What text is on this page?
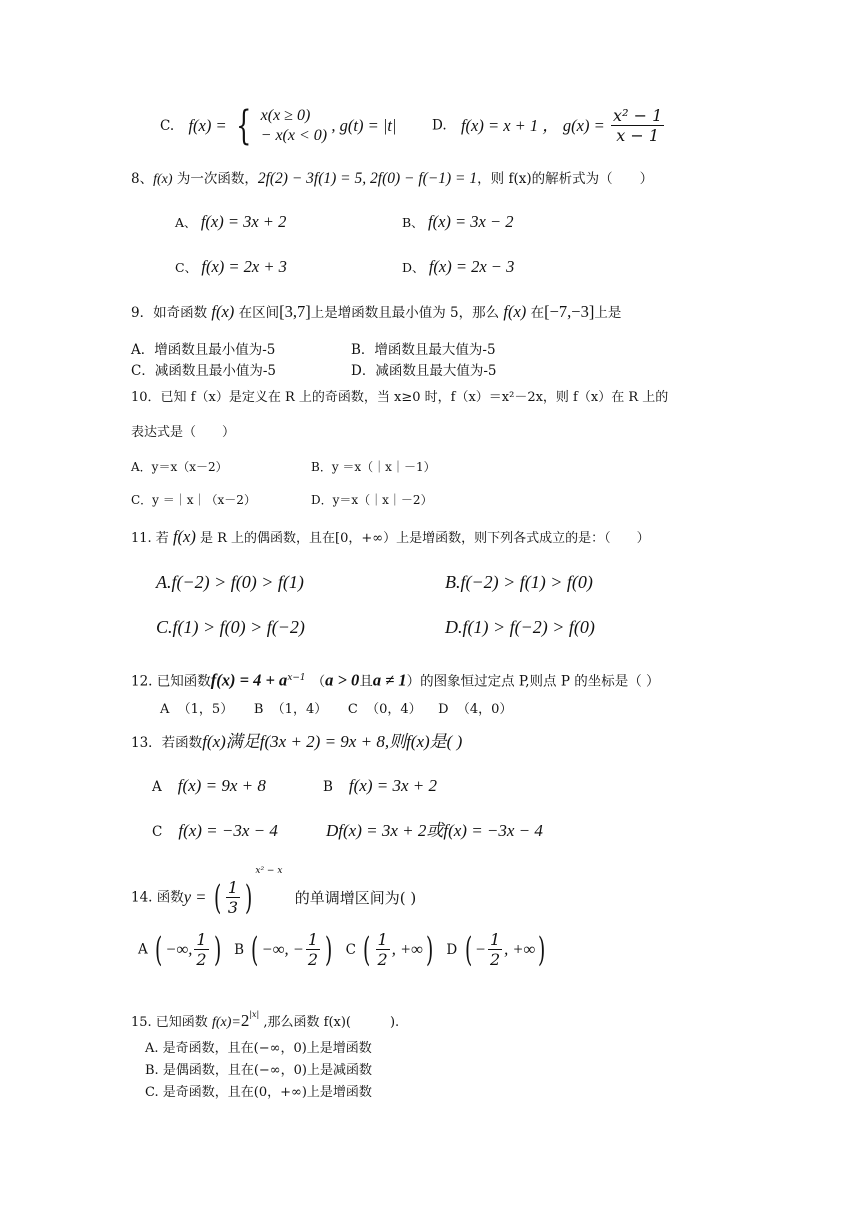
C. f(x) = { x(x ≥ 0)
− x(x < 0)
, g(t) = |t|	D. f(x) = x + 1 ， $g(x) = \frac{\text{x² − 1}}{x - 1}$
8、f(x) 为一次函数，2f(2) − 3f(1) = 5, 2f(0) − f(−1) = 1，则 f(x)的解析式为（　　）
A、 f(x) = 3x + 2	B、 f(x) = 3x − 2
C、 f(x) = 2x + 3	D、 f(x) = 2x − 3
9．如奇函数 f(x) 在区间[3,7]上是增函数且最小值为 5，那么 f(x) 在[−7,−3]上是
A．增函数且最小值为-5	B．增函数且最大值为-5
C．减函数且最小值为-5	D．减函数且最大值为-5
10．已知 f（x）是定义在 R 上的奇函数，当 x≥0 时，f（x）＝x²－2x，则 f（x）在 R 上的
表达式是（　　）
A．y＝x（x－2）	B．y ＝x（｜x｜－1）
C．y ＝｜x｜（x－2）	D．y＝x（｜x｜－2）
11. 若 f(x) 是 R 上的偶函数，且在[0，+∞）上是增函数，则下列各式成立的是：（　　）
A.f(−2) > f(0) > f(1)	B.f(−2) > f(1) > f(0)
C.f(1) > f(0) > f(−2)	D.f(1) > f(−2) > f(0)
12. 已知函数$f(x) = 4 + a^{x-1}$ （a > 0且a ≠ 1）的图象恒过定点 P,则点 P 的坐标是（ ）
A  （1，5）     B  （1，4）     C  （0，4）    D  （4，0）
13．若函数f(x)满足f(3x + 2) = 9x + 8,则f(x)是( )
A f(x) = 9x + 8	B f(x) = 3x + 2
C f(x) = −3x − 4	Df(x) = 3x + 2或f(x) = −3x − 4
14. 函数y = ( $\frac{1}{3} )^{x^2 - x}$ 的单调增区间为( )
A ( −∞, $\frac{1}{2}$ ) B ( −∞, − $\frac{1}{2}$ ) C ( $\frac{1}{2}$ , +∞) D ( − $\frac{1}{2}$ , +∞)
15. 已知函数 $f(x)=2^{|x|}$ ,那么函数 f(x)(　　　).
A. 是奇函数，且在(−∞，0)上是增函数
B. 是偶函数，且在(−∞，0)上是减函数
C. 是奇函数，且在(0，+∞)上是增函数
